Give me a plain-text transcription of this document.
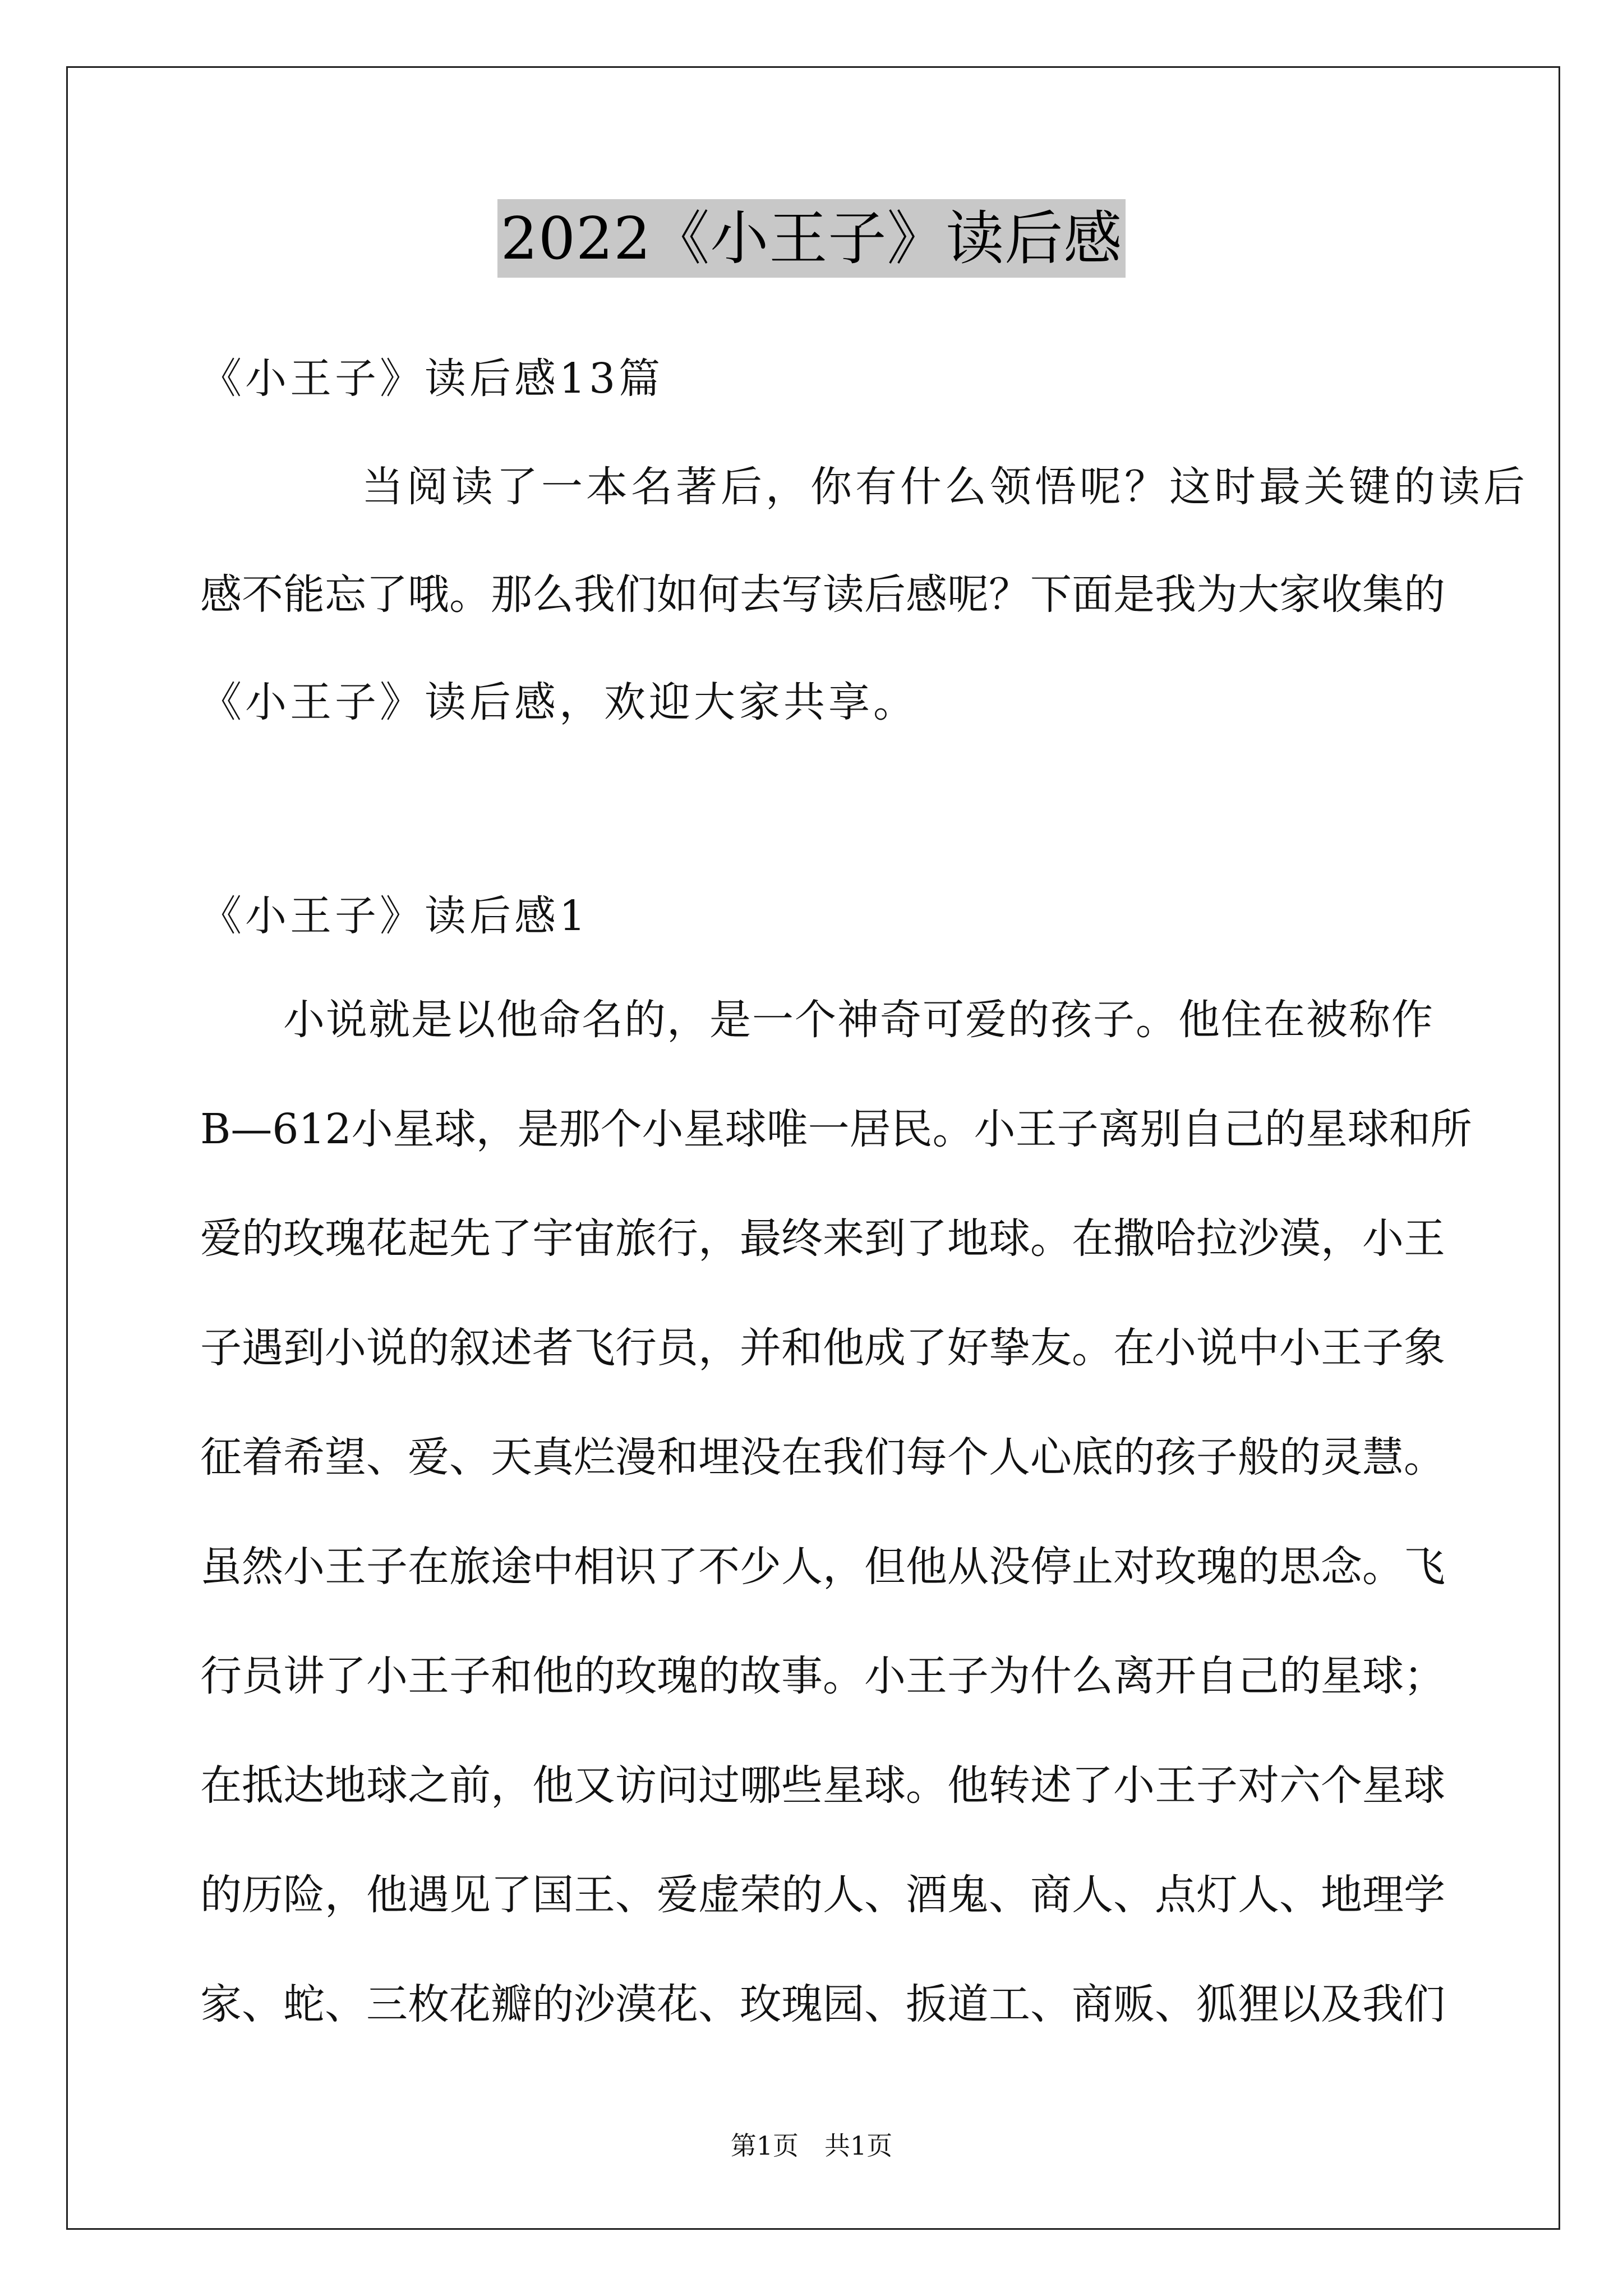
2022《小王子》读后感
《小王子》读后感13篇
当阅读了一本名著后，你有什么领悟呢？这时最关键的读后
感不能忘了哦。那么我们如何去写读后感呢？下面是我为大家收集的
《小王子》读后感，欢迎大家共享。
《小王子》读后感1
小说就是以他命名的，是一个神奇可爱的孩子。他住在被称作
B—612小星球，是那个小星球唯一居民。小王子离别自己的星球和所
爱的玫瑰花起先了宇宙旅行，最终来到了地球。在撒哈拉沙漠，小王
子遇到小说的叙述者飞行员，并和他成了好挚友。在小说中小王子象
征着希望、爱、天真烂漫和埋没在我们每个人心底的孩子般的灵慧。
虽然小王子在旅途中相识了不少人，但他从没停止对玫瑰的思念。飞
行员讲了小王子和他的玫瑰的故事。小王子为什么离开自己的星球；
在抵达地球之前，他又访问过哪些星球。他转述了小王子对六个星球
的历险，他遇见了国王、爱虚荣的人、酒鬼、商人、点灯人、地理学
家、蛇、三枚花瓣的沙漠花、玫瑰园、扳道工、商贩、狐狸以及我们
第1页　共1页
